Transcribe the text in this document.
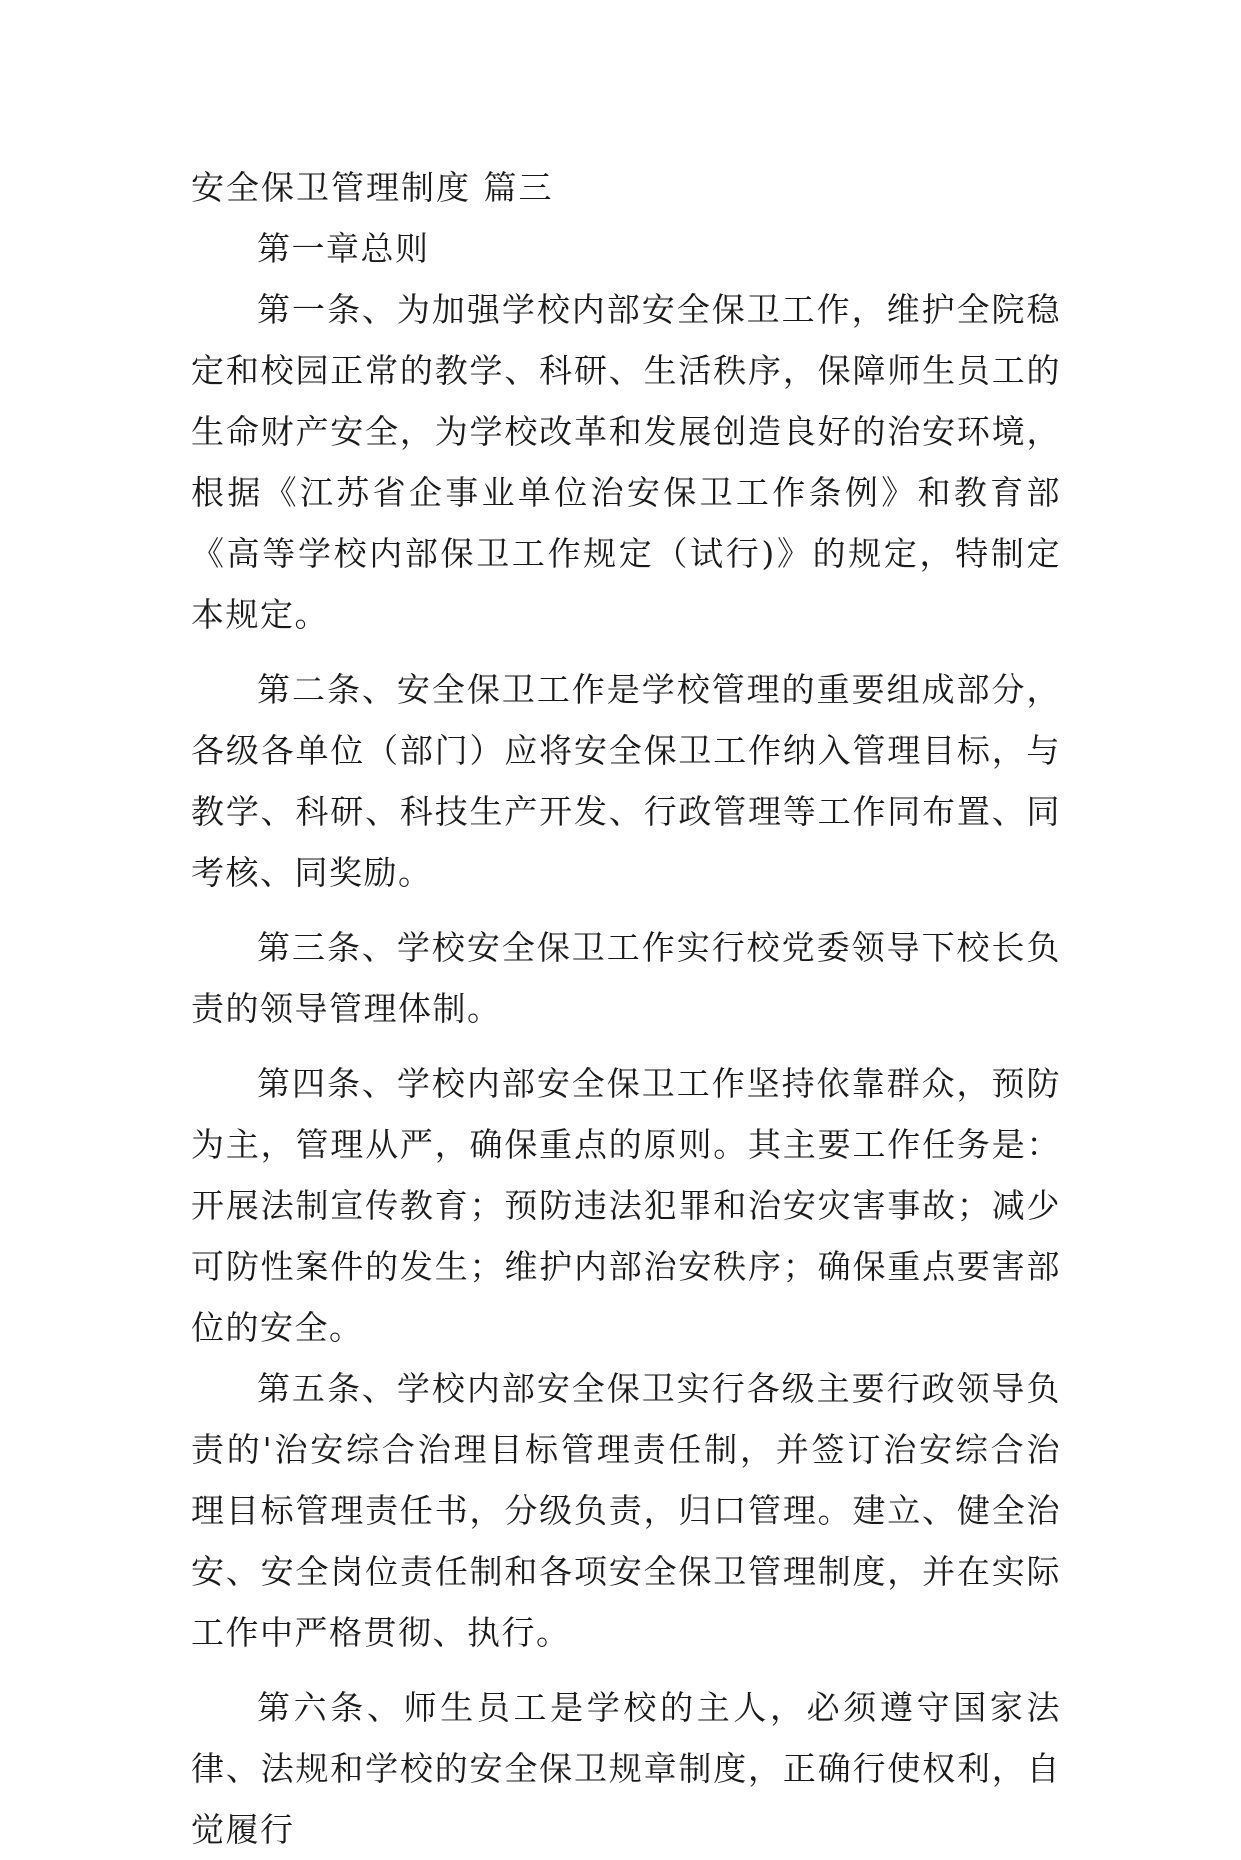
安全保卫管理制度 篇三

第一章总则

第一条、为加强学校内部安全保卫工作，维护全院稳定和校园正常的教学、科研、生活秩序，保障师生员工的生命财产安全，为学校改革和发展创造良好的治安环境，根据《江苏省企事业单位治安保卫工作条例》和教育部《高等学校内部保卫工作规定（试行)》的规定，特制定本规定。

第二条、安全保卫工作是学校管理的重要组成部分，各级各单位（部门）应将安全保卫工作纳入管理目标，与教学、科研、科技生产开发、行政管理等工作同布置、同考核、同奖励。

第三条、学校安全保卫工作实行校党委领导下校长负责的领导管理体制。

第四条、学校内部安全保卫工作坚持依靠群众，预防为主，管理从严，确保重点的原则。其主要工作任务是：开展法制宣传教育；预防违法犯罪和治安灾害事故；减少可防性案件的发生；维护内部治安秩序；确保重点要害部位的安全。

第五条、学校内部安全保卫实行各级主要行政领导负责的'治安综合治理目标管理责任制，并签订治安综合治理目标管理责任书，分级负责，归口管理。建立、健全治安、安全岗位责任制和各项安全保卫管理制度，并在实际工作中严格贯彻、执行。

第六条、师生员工是学校的主人，必须遵守国家法律、法规和学校的安全保卫规章制度，正确行使权利，自觉履行
